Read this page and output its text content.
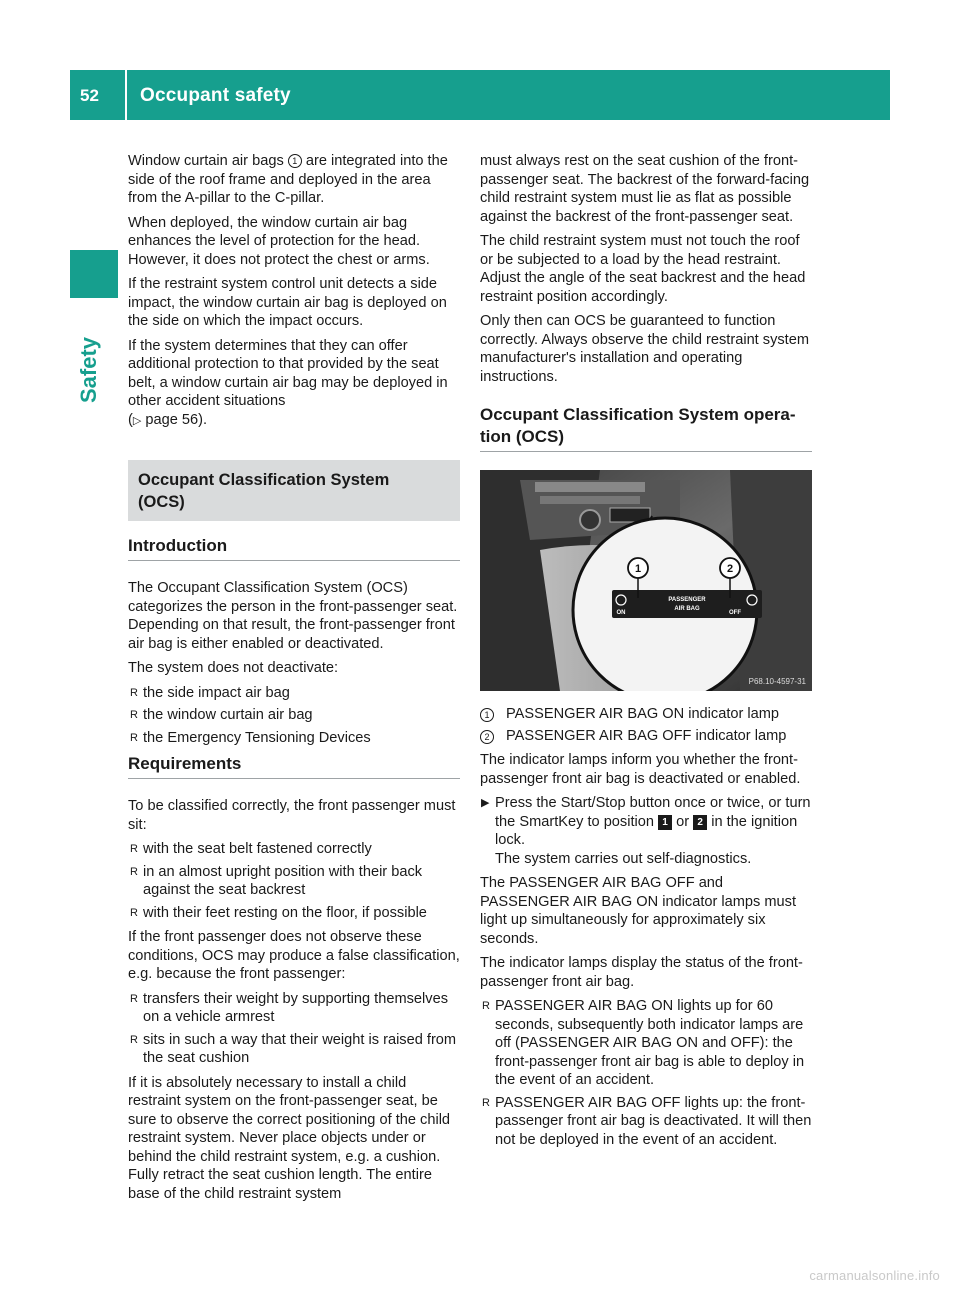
52	Occupant safety
Safety

Window curtain air bags 1 are integrated into the side of the roof frame and deployed in the area from the A-pillar to the C-pillar.

When deployed, the window curtain air bag enhances the level of protection for the head. However, it does not protect the chest or arms.

If the restraint system control unit detects a side impact, the window curtain air bag is deployed on the side on which the impact occurs.

If the system determines that they can offer additional protection to that provided by the seat belt, a window curtain air bag may be deployed in other accident situations
(▷ page 56).

Occupant Classification System
(OCS)
Introduction

The Occupant Classification System (OCS) categorizes the person in the front-passenger seat. Depending on that result, the front-passenger front air bag is either enabled or deactivated.

The system does not deactivate:

R the side impact air bag
R the window curtain air bag
R the Emergency Tensioning Devices
Requirements

To be classified correctly, the front passenger must sit:

R with the seat belt fastened correctly
R in an almost upright position with their back against the seat backrest
R with their feet resting on the floor, if possible

If the front passenger does not observe these conditions, OCS may produce a false classification, e.g. because the front passenger:

R transfers their weight by supporting themselves on a vehicle armrest
R sits in such a way that their weight is raised from the seat cushion

If it is absolutely necessary to install a child restraint system on the front-passenger seat, be sure to observe the correct positioning of the child restraint system. Never place objects under or behind the child restraint system, e.g. a cushion. Fully retract the seat cushion length. The entire base of the child restraint system

must always rest on the seat cushion of the front-passenger seat. The backrest of the forward-facing child restraint system must lie as flat as possible against the backrest of the front-passenger seat.

The child restraint system must not touch the roof or be subjected to a load by the head restraint. Adjust the angle of the seat backrest and the head restraint position accordingly.

Only then can OCS be guaranteed to function correctly. Always observe the child restraint system manufacturer's installation and operating instructions.

Occupant Classification System opera-
tion (OCS)
ON
PASSENGER
AIR BAG
OFF
1	2
P68.10-4597-31
1	PASSENGER AIR BAG ON indicator lamp
2	PASSENGER AIR BAG OFF indicator lamp

The indicator lamps inform you whether the front-passenger front air bag is deactivated or enabled.

▶ Press the Start/Stop button once or twice, or turn the SmartKey to position 1 or 2 in the ignition lock.
The system carries out self-diagnostics.

The PASSENGER AIR BAG OFF and PASSENGER AIR BAG ON indicator lamps must light up simultaneously for approximately six seconds.

The indicator lamps display the status of the front-passenger front air bag.

R PASSENGER AIR BAG ON lights up for 60 seconds, subsequently both indicator lamps are off (PASSENGER AIR BAG ON and OFF): the front-passenger front air bag is able to deploy in the event of an accident.
R PASSENGER AIR BAG OFF lights up: the front-passenger front air bag is deactivated. It will then not be deployed in the event of an accident.
carmanualsonline.info
